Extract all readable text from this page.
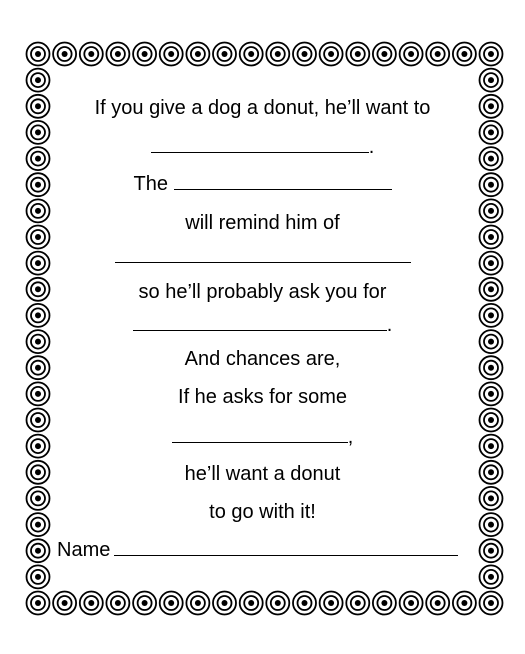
If you give a dog a donut, he’ll want to
.
The
will remind him of
so he’ll probably ask you for
.
And chances are,
If he asks for some
,
he’ll want a donut
to go with it!
Name
